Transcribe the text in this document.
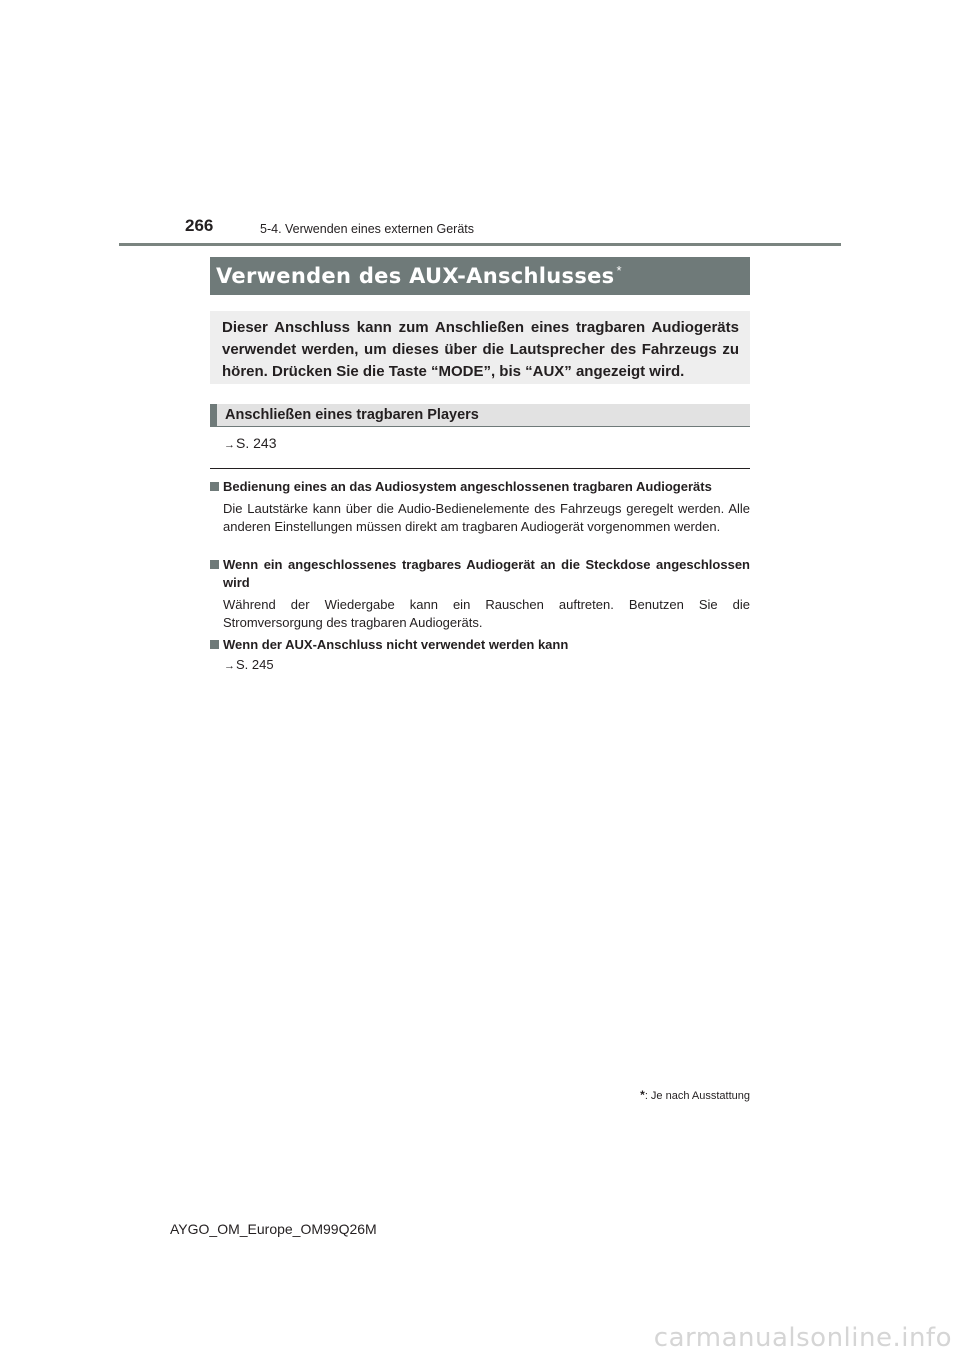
266	5-4. Verwenden eines externen Geräts
Verwenden des AUX-Anschlusses *
Dieser Anschluss kann zum Anschließen eines tragbaren Audiogeräts verwendet werden, um dieses über die Lautsprecher des Fahrzeugs zu hören. Drücken Sie die Taste “MODE”, bis “AUX” angezeigt wird.
Anschließen eines tragbaren Players
→S. 243
Bedienung eines an das Audiosystem angeschlossenen tragbaren Audiogeräts
Die Lautstärke kann über die Audio-Bedienelemente des Fahrzeugs geregelt werden. Alle anderen Einstellungen müssen direkt am tragbaren Audiogerät vorgenommen werden.
Wenn ein angeschlossenes tragbares Audiogerät an die Steckdose angeschlossen wird
Während der Wiedergabe kann ein Rauschen auftreten. Benutzen Sie die Stromversorgung des tragbaren Audiogeräts.
Wenn der AUX-Anschluss nicht verwendet werden kann
→S. 245
*: Je nach Ausstattung
AYGO_OM_Europe_OM99Q26M
carmanualsonline.info
